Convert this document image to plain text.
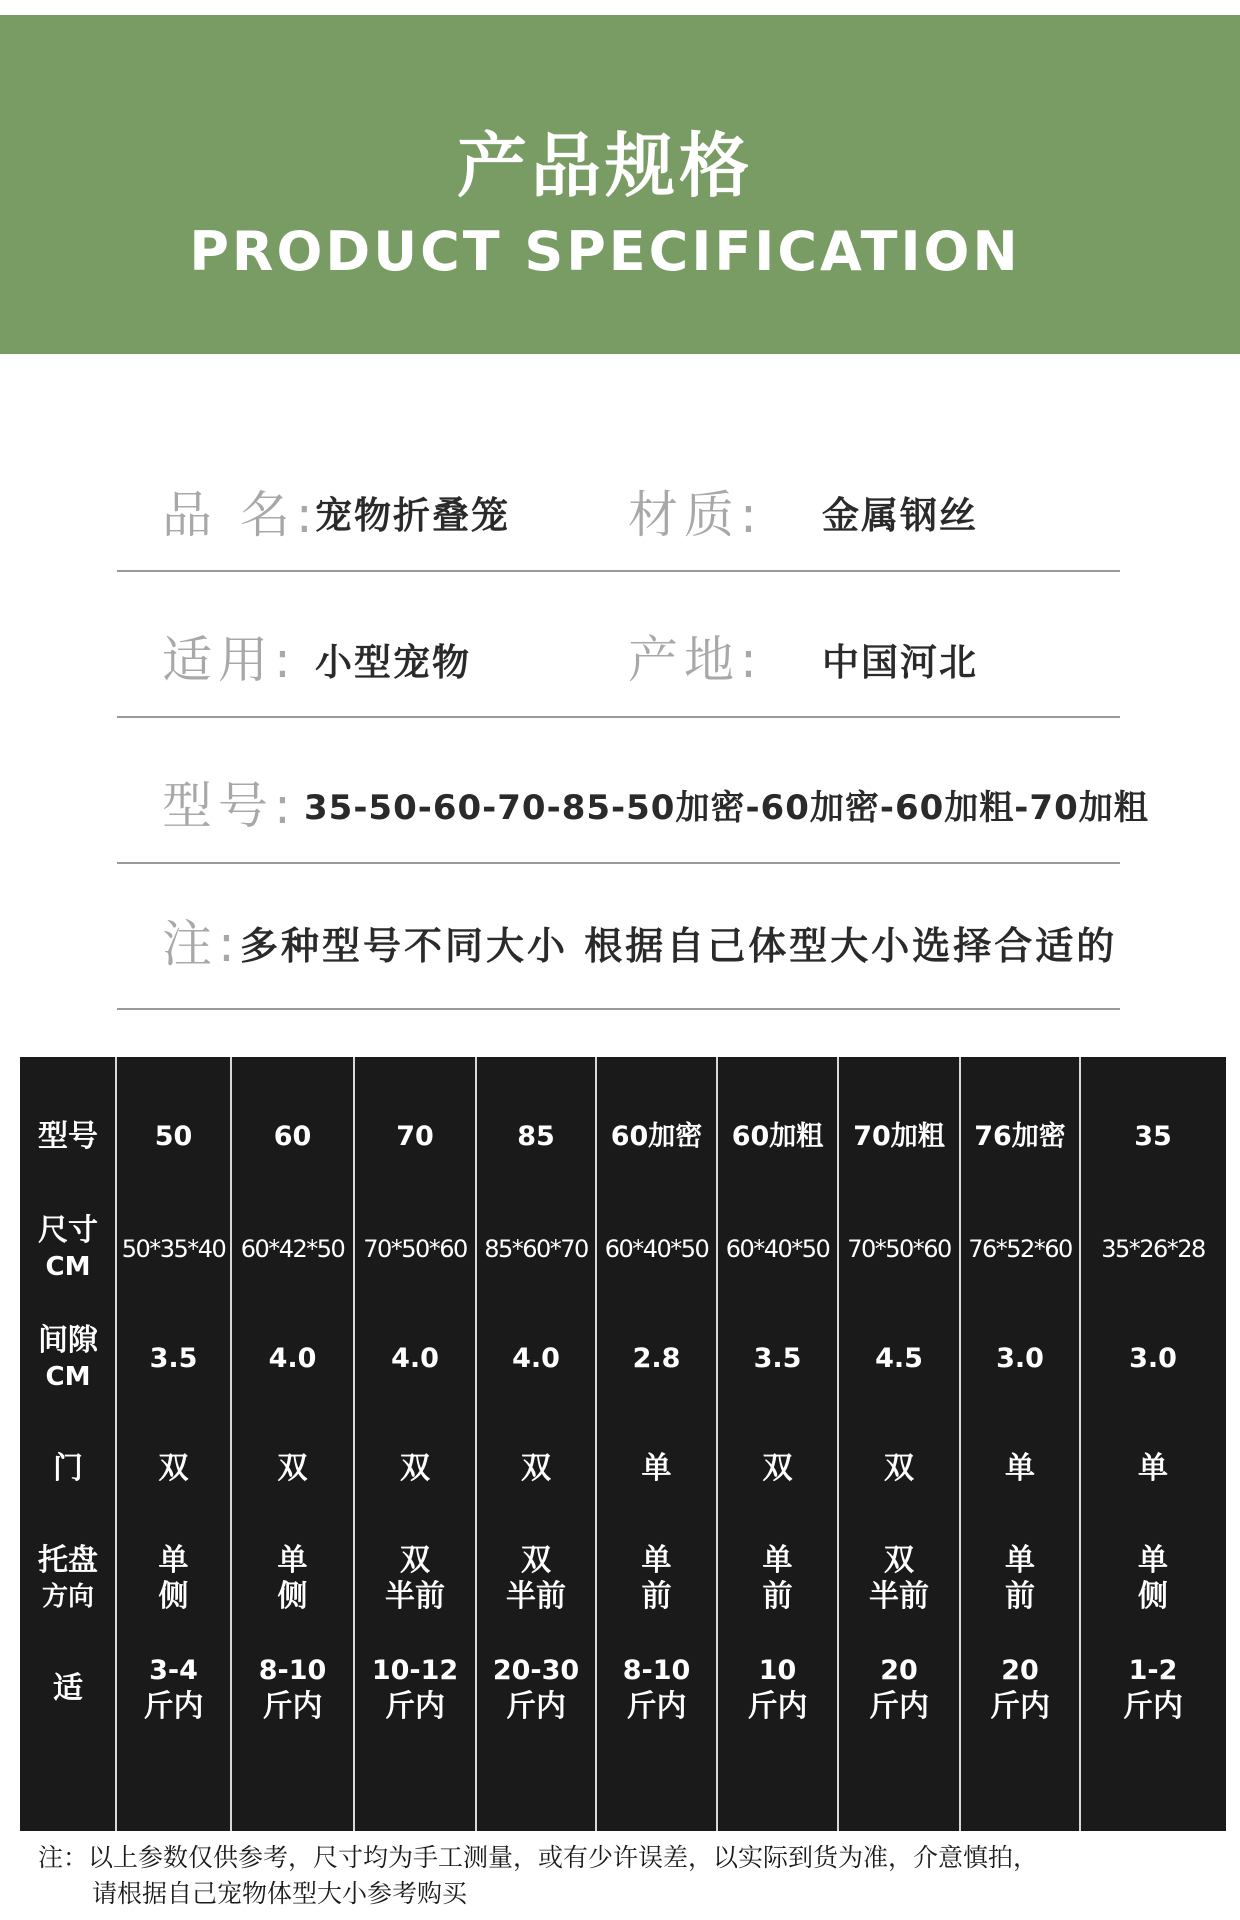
产品规格
PRODUCT SPECIFICATION
品 名:
宠物折叠笼 材质: 金属钢丝
适用: 小型宠物	产地: 中国河北
型号: 35-50-60-70-85-50加密-60加密-60加粗-70加粗
注: 多种型号不同大小 根据自己体型大小选择合适的
型号
尺寸
CM
间隙
CM
门
托盘
方向
适
50
50*35*40
3.5
双
单
侧
3-4
斤内
60
60*42*50
4.0
双
单
侧
8-10
斤内
70
70*50*60
4.0
双
双
半前
10-12
斤内
85
85*60*70
4.0
双
双
半前
20-30
斤内
60加密
60*40*50
2.8
单
单
前
8-10
斤内
60加粗
60*40*50
3.5
双
单
前
10
斤内
70加粗
70*50*60
4.5
双
双
半前
20
斤内
76加密
76*52*60
3.0
单
单
前
20
斤内
35
35*26*28
3.0
单
单
侧
1-2
斤内
注：以上参数仅供参考，尺寸均为手工测量，或有少许误差，以实际到货为准，介意慎拍，
请根据自己宠物体型大小参考购买
